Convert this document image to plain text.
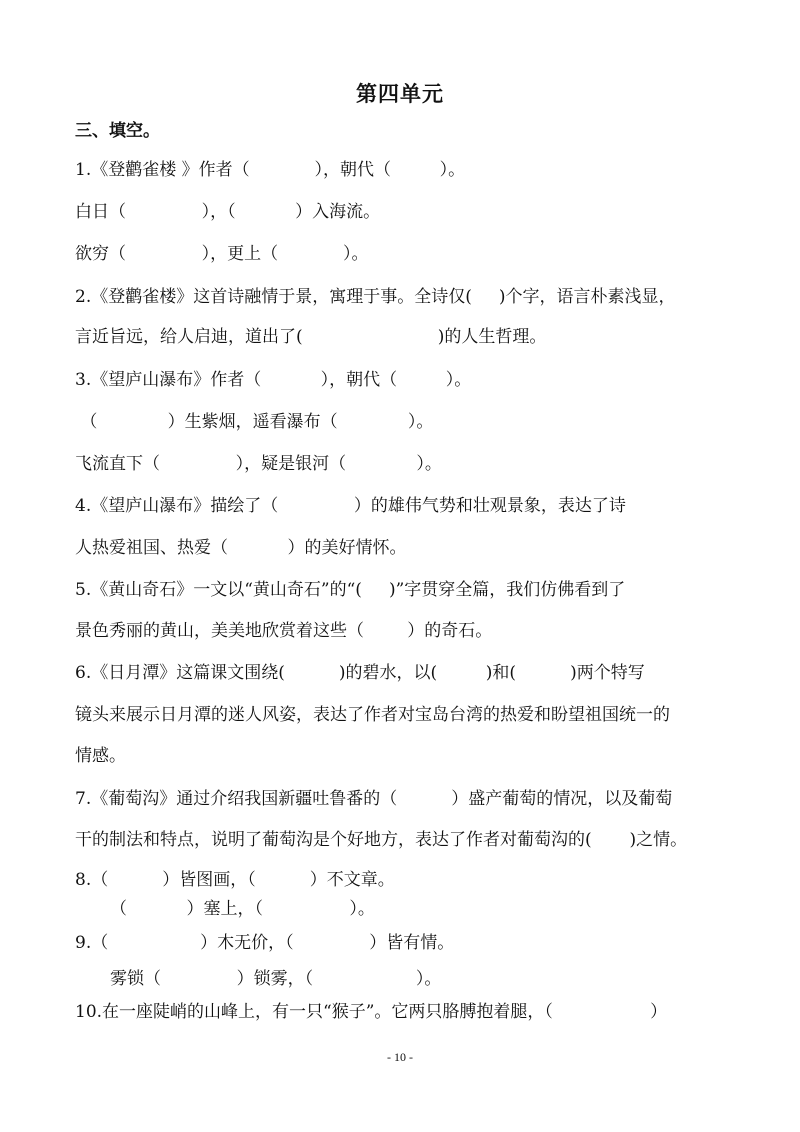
第四单元
三、填空。
1.《登鹳雀楼 》作者（            ），朝代（         ）。
白日（              ），（           ）入海流。
欲穷（              ），更上（            ）。
2.《登鹳雀楼》这首诗融情于景，寓理于事。全诗仅(     )个字，语言朴素浅显，
言近旨远，给人启迪，道出了(                         )的人生哲理。
3.《望庐山瀑布》作者（           ），朝代（         ）。
（             ）生紫烟，遥看瀑布（             ）。
飞流直下（              ），疑是银河（             ）。
4.《望庐山瀑布》描绘了（              ）的雄伟气势和壮观景象，表达了诗
人热爱祖国、热爱（           ）的美好情怀。
5.《黄山奇石》一文以“黄山奇石”的“(     )”字贯穿全篇，我们仿佛看到了
景色秀丽的黄山，美美地欣赏着这些（        ）的奇石。
6.《日月潭》这篇课文围绕(          )的碧水，以(         )和(          )两个特写
镜头来展示日月潭的迷人风姿，表达了作者对宝岛台湾的热爱和盼望祖国统一的
情感。
7.《葡萄沟》通过介绍我国新疆吐鲁番的（          ）盛产葡萄的情况，以及葡萄
干的制法和特点，说明了葡萄沟是个好地方，表达了作者对葡萄沟的(       )之情。
8.（          ）皆图画，（          ）不文章。
（           ）塞上，（                ）。
9.（                 ）木无价，（              ）皆有情。
雾锁（              ）锁雾，（                   ）。
10.在一座陡峭的山峰上，有一只“猴子”。它两只胳膊抱着腿，（                  ）
- 10 -
